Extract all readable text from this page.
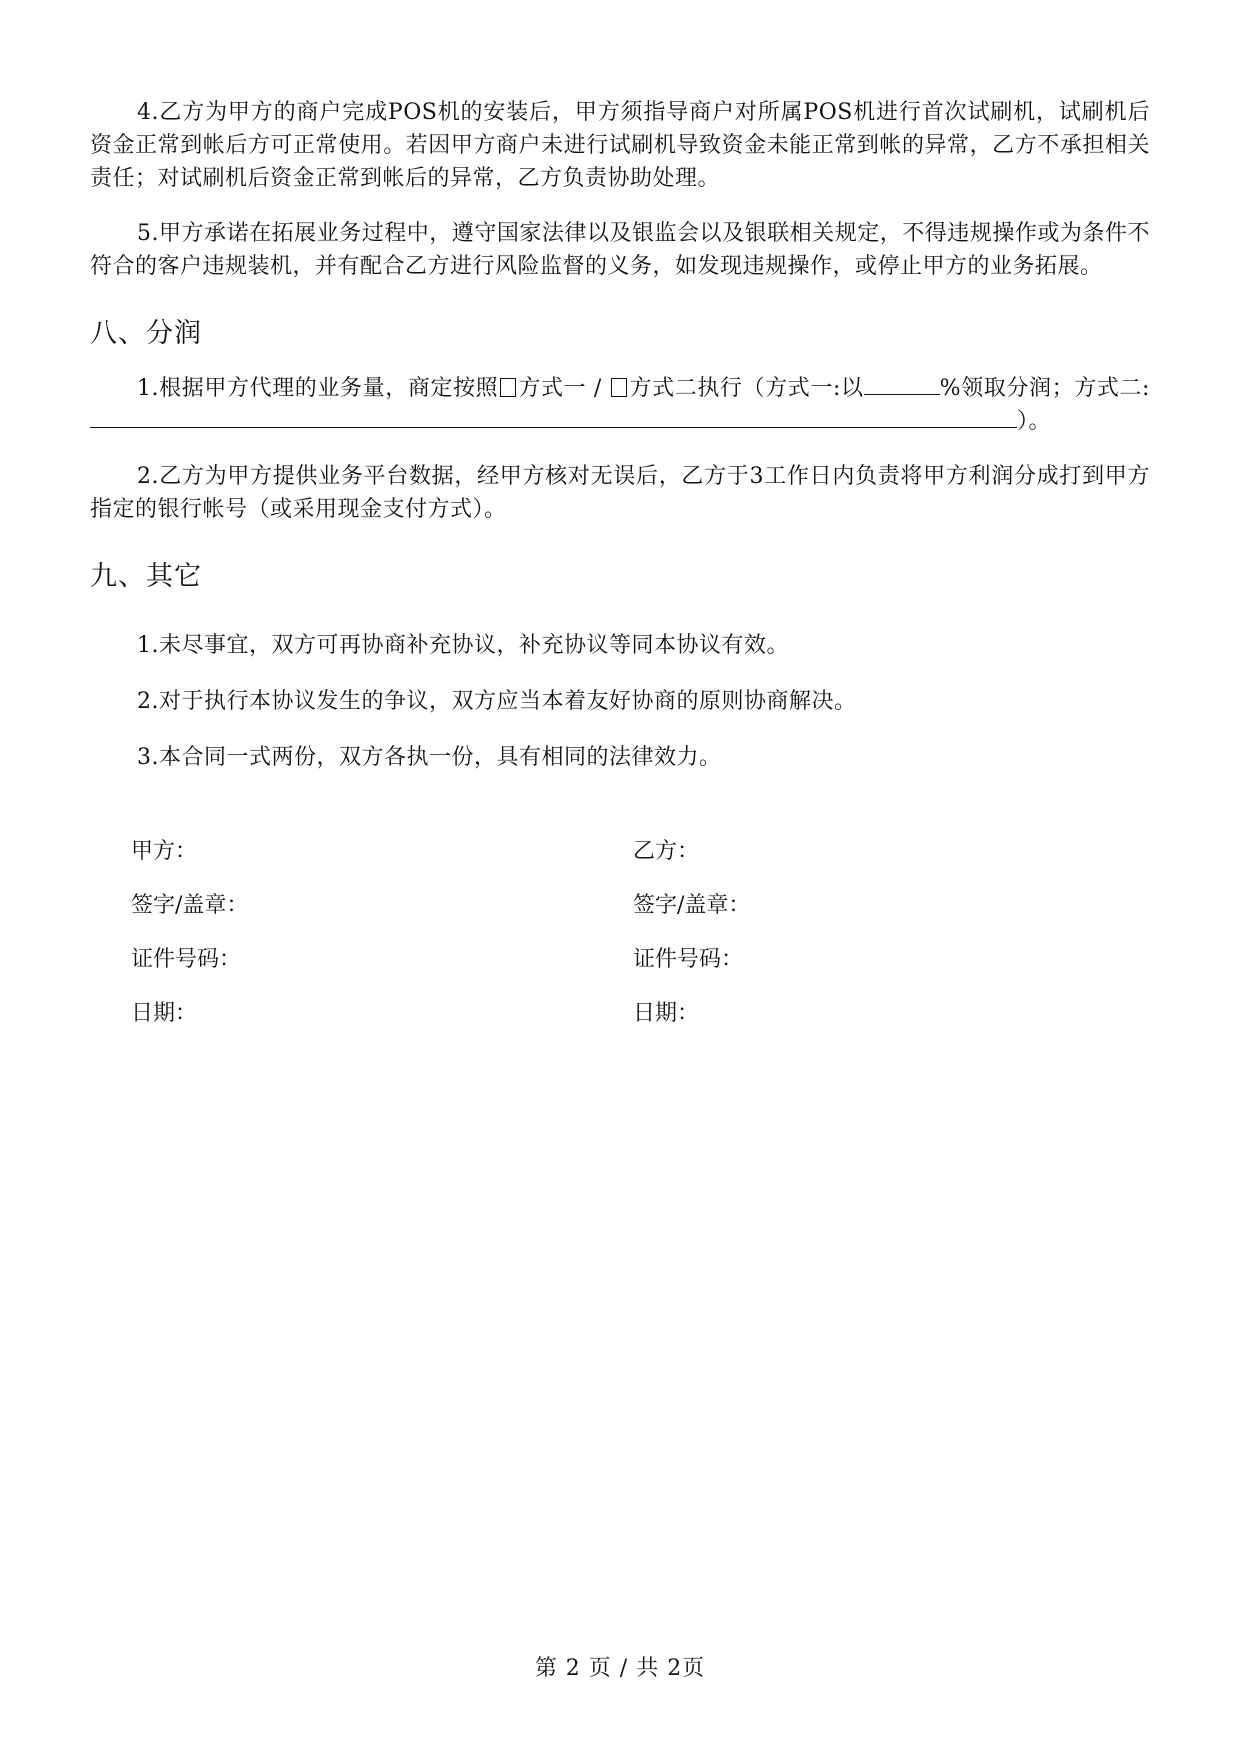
4.乙方为甲方的商户完成POS机的安装后，甲方须指导商户对所属POS机进行首次试刷机，试刷机后资金正常到帐后方可正常使用。若因甲方商户未进行试刷机导致资金未能正常到帐的异常，乙方不承担相关责任；对试刷机后资金正常到帐后的异常，乙方负责协助处理。

5.甲方承诺在拓展业务过程中，遵守国家法律以及银监会以及银联相关规定，不得违规操作或为条件不符合的客户违规装机，并有配合乙方进行风险监督的义务，如发现违规操作，或停止甲方的业务拓展。

八、分润

1.根据甲方代理的业务量，商定按照 方式一 / 方式二执行（方式一:以	%领取分润；方式二:）。

2.乙方为甲方提供业务平台数据，经甲方核对无误后，乙方于3工作日内负责将甲方利润分成打到甲方指定的银行帐号（或采用现金支付方式）。

九、其它

1.未尽事宜，双方可再协商补充协议，补充协议等同本协议有效。

2.对于执行本协议发生的争议，双方应当本着友好协商的原则协商解决。

3.本合同一式两份，双方各执一份，具有相同的法律效力。

甲方：
签字/盖章：
证件号码：
日期：
乙方：
签字/盖章：
证件号码：
日期：
第 2 页 / 共 2页
